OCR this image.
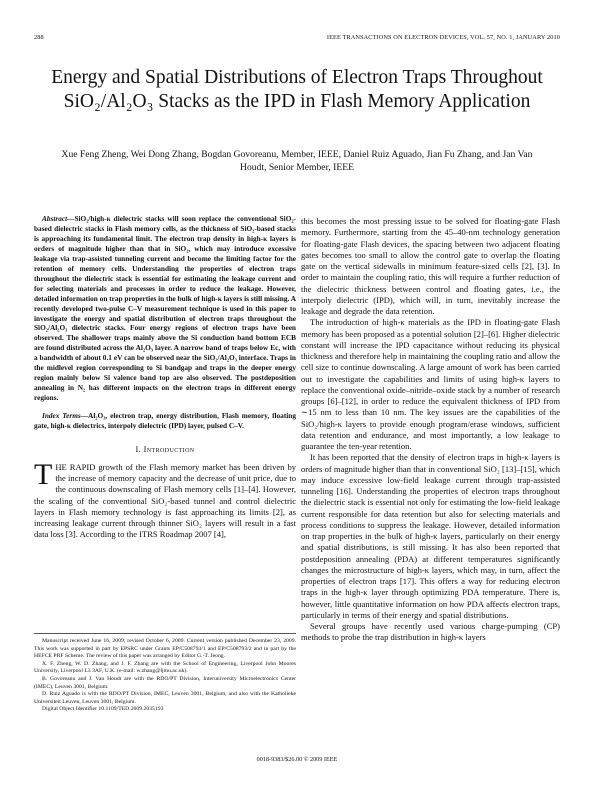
288	IEEE TRANSACTIONS ON ELECTRON DEVICES, VOL. 57, NO. 1, JANUARY 2010
Energy and Spatial Distributions of Electron Traps Throughout SiO₂/Al₂O₃ Stacks as the IPD in Flash Memory Application

Xue Feng Zheng, Wei Dong Zhang, Bogdan Govoreanu, Member, IEEE, Daniel Ruiz Aguado, Jian Fu Zhang, and Jan Van Houdt, Senior Member, IEEE

Abstract—SiO₂/high-κ dielectric stacks will soon replace the conventional SiO₂-based dielectric stacks in Flash memory cells, as the thickness of SiO₂-based stacks is approaching its fundamental limit. The electron trap density in high-κ layers is orders of magnitude higher than that in SiO₂, which may introduce excessive leakage via trap-assisted tunneling current and become the limiting factor for the retention of memory cells. Understanding the properties of electron traps throughout the dielectric stack is essential for estimating the leakage current and for selecting materials and processes in order to reduce the leakage. However, detailed information on trap properties in the bulk of high-κ layers is still missing. A recently developed two-pulse C–V measurement technique is used in this paper to investigate the energy and spatial distribution of electron traps throughout the SiO₂/Al₂O₃ dielectric stacks. Four energy regions of electron traps have been observed. The shallower traps mainly above the Si conduction band bottom ECB are found distributed across the Al₂O₃ layer. A narrow band of traps below Ec, with a bandwidth of about 0.1 eV can be observed near the SiO₂/Al₂O₃ interface. Traps in the midlevel region corresponding to Si bandgap and traps in the deeper energy region mainly below Si valence band top are also observed. The postdeposition annealing in N₂ has different impacts on the electron traps in different energy regions.

Index Terms—Al₂O₃, electron trap, energy distribution, Flash memory, floating gate, high-κ dielectrics, interpoly dielectric (IPD) layer, pulsed C–V.

I. Introduction

THE RAPID growth of the Flash memory market has been driven by the increase of memory capacity and the decrease of unit price, due to the continuous downscaling of Flash memory cells [1]–[4]. However, the scaling of the conventional SiO₂-based tunnel and control dielectric layers in Flash memory technology is fast approaching its limits [2], as increasing leakage current through thinner SiO₂ layers will result in a fast data loss [3]. According to the ITRS Roadmap 2007 [4],

Manuscript received June 16, 2009; revised October 6, 2009. Current version published December 23, 2009. This work was supported in part by EPSRC under Grants EP/C508793/1 and EP/C508793/2 and in part by the HEFCE PRF Scheme. The review of this paper was arranged by Editor G.-T. Jeong.

X. F. Zheng, W. D. Zhang, and J. F. Zhang are with the School of Engineering, Liverpool John Moores University, Liverpool L3 3AF, U.K. (e-mail: w.zhang@ljmu.ac.uk).

B. Govoreanu and J. Van Houdt are with the RDO/PT Division, Interuniversity Microelectronics Center (IMEC), Leuven 3001, Belgium.

D. Ruiz Aguado is with the RDO/PT Division, IMEC, Leuven 3001, Belgium, and also with the Katholieke Universiteit Leuven, Leuven 3001, Belgium.

Digital Object Identifier 10.1109/TED.2009.2035193

this becomes the most pressing issue to be solved for floating-gate Flash memory. Furthermore, starting from the 45–40-nm technology generation for floating-gate Flash devices, the spacing between two adjacent floating gates becomes too small to allow the control gate to overlap the floating gate on the vertical sidewalls in minimum feature-sized cells [2], [3]. In order to maintain the coupling ratio, this will require a further reduction of the dielectric thickness between control and floating gates, i.e., the interpoly dielectric (IPD), which will, in turn, inevitably increase the leakage and degrade the data retention.

The introduction of high-κ materials as the IPD in floating-gate Flash memory has been proposed as a potential solution [2]–[6]. Higher dielectric constant will increase the IPD capacitance without reducing its physical thickness and therefore help in maintaining the coupling ratio and allow the cell size to continue downscaling. A large amount of work has been carried out to investigate the capabilities and limits of using high-κ layers to replace the conventional oxide–nitride–oxide stack by a number of research groups [6]–[12], in order to reduce the equivalent thickness of IPD from ∼15 nm to less than 10 nm. The key issues are the capabilities of the SiO₂/high-κ layers to provide enough program/erase windows, sufficient data retention and endurance, and most importantly, a low leakage to guarantee the ten-year retention.

It has been reported that the density of electron traps in high-κ layers is orders of magnitude higher than that in conventional SiO₂ [13]–[15], which may induce excessive low-field leakage current through trap-assisted tunneling [16]. Understanding the properties of electron traps throughout the dielectric stack is essential not only for estimating the low-field leakage current responsible for data retention but also for selecting materials and process conditions to suppress the leakage. However, detailed information on trap properties in the bulk of high-κ layers, particularly on their energy and spatial distributions, is still missing. It has also been reported that postdeposition annealing (PDA) at different temperatures significantly changes the microstructure of high-κ layers, which may, in turn, affect the properties of electron traps [17]. This offers a way for reducing electron traps in the high-κ layer through optimizing PDA temperature. There is, however, little quantitative information on how PDA affects electron traps, particularly in terms of their energy and spatial distributions.

Several groups have recently used various charge-pumping (CP) methods to probe the trap distribution in high-κ layers

0018-9383/$26.00 © 2009 IEEE
